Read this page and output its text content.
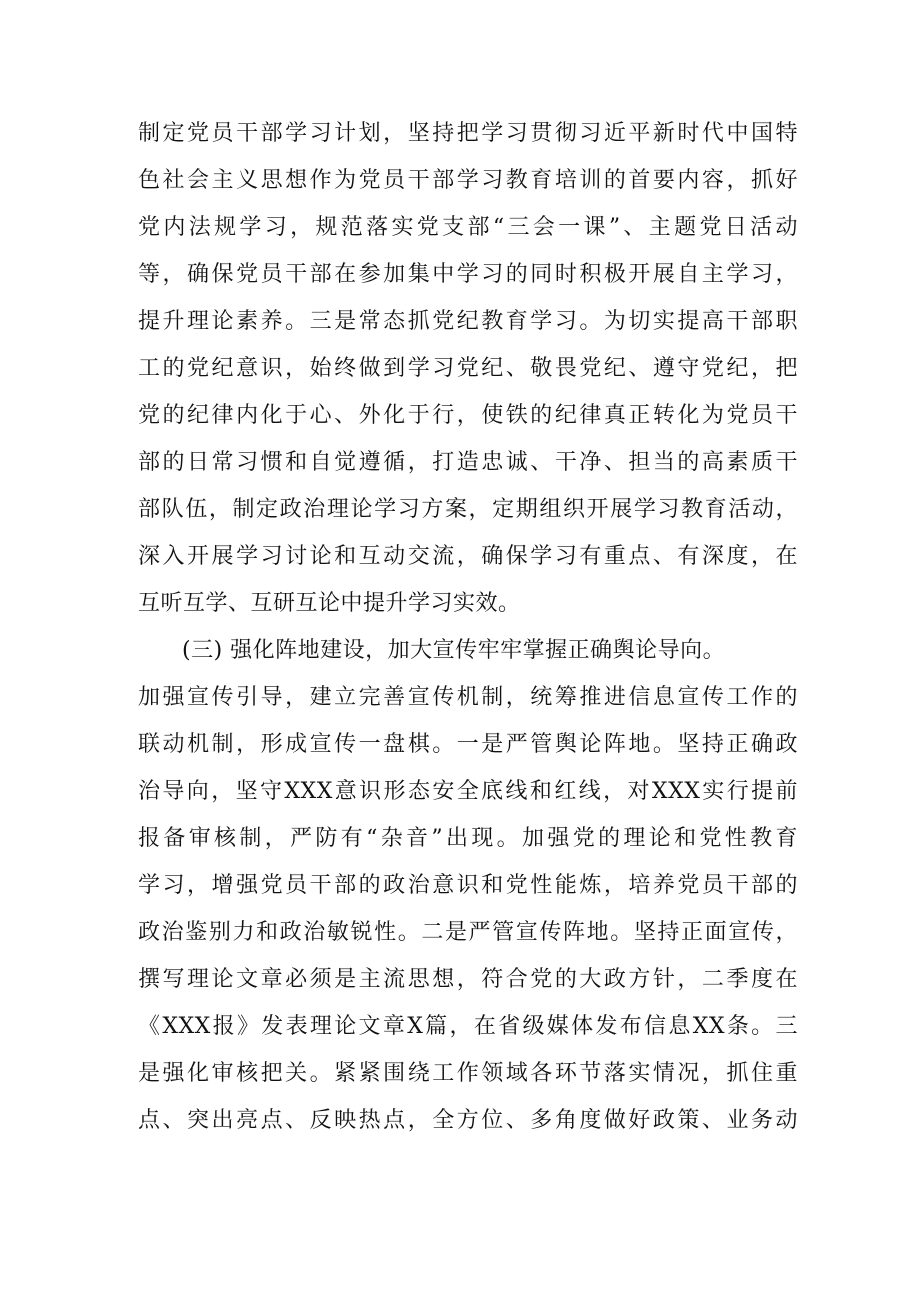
制定党员干部学习计划，坚持把学习贯彻习近平新时代中国特
色社会主义思想作为党员干部学习教育培训的首要内容，抓好
党内法规学习，规范落实党支部“三会一课”、主题党日活动
等，确保党员干部在参加集中学习的同时积极开展自主学习，
提升理论素养。三是常态抓党纪教育学习。为切实提高干部职
工的党纪意识，始终做到学习党纪、敬畏党纪、遵守党纪，把
党的纪律内化于心、外化于行，使铁的纪律真正转化为党员干
部的日常习惯和自觉遵循，打造忠诚、干净、担当的高素质干
部队伍，制定政治理论学习方案，定期组织开展学习教育活动，
深入开展学习讨论和互动交流，确保学习有重点、有深度，在
互听互学、互研互论中提升学习实效。
(三) 强化阵地建设，加大宣传牢牢掌握正确舆论导向。
加强宣传引导，建立完善宣传机制，统筹推进信息宣传工作的
联动机制，形成宣传一盘棋。一是严管舆论阵地。坚持正确政
治导向，坚守XXX意识形态安全底线和红线，对XXX实行提前
报备审核制，严防有“杂音”出现。加强党的理论和党性教育
学习，增强党员干部的政治意识和党性能炼，培养党员干部的
政治鉴别力和政治敏锐性。二是严管宣传阵地。坚持正面宣传，
撰写理论文章必须是主流思想，符合党的大政方针，二季度在
《XXX报》发表理论文章X篇，在省级媒体发布信息XX条。三
是强化审核把关。紧紧围绕工作领域各环节落实情况，抓住重
点、突出亮点、反映热点，全方位、多角度做好政策、业务动
